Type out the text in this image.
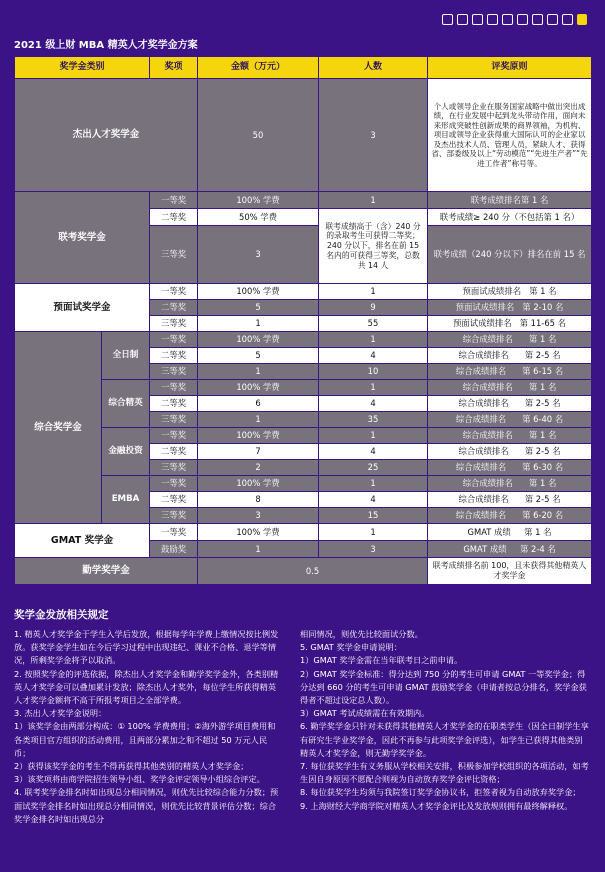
2021 级上财 MBA 精英人才奖学金方案
奖学金类别		奖项	金额（万元）	人数	评奖原则
杰出人才奖学金			50	3	个人或领导企业在服务国家战略中做出突出成绩，在行业发展中起到龙头带动作用，面向未来形成突破性创新成果的商界领袖，为机构、项目或领导企业获得重大国际认可的企业家以及杰出技术人员、管理人员，紧缺人才、获得省、部委级及以上“劳动模范”“先进生产者”“先进工作者”称号等。
联考奖学金		一等奖	100% 学费	1	联考成绩排名第 1 名
		二等奖	50% 学费	联考成绩高于（含）240 分的录取考生可获得二等奖；240 分以下，排名在前 15 名内的可获得三等奖，总数共 14 人	联考成绩≥ 240 分（不包括第 1 名）
		三等奖	3		联考成绩（240 分以下）排名在前 15 名
预面试奖学金		一等奖	100% 学费	1	预面试成绩排名 第 1 名
		二等奖	5	9	预面试成绩排名 第 2-10 名
		三等奖	1	55	预面试成绩排名 第 11-65 名
综合奖学金	全日制	一等奖	100% 学费	1	综合成绩排名 第 1 名
		二等奖	5	4	综合成绩排名 第 2-5 名
		三等奖	1	10	综合成绩排名 第 6-15 名
	综合精英	一等奖	100% 学费	1	综合成绩排名 第 1 名
		二等奖	6	4	综合成绩排名 第 2-5 名
		三等奖	1	35	综合成绩排名 第 6-40 名
	金融投资	一等奖	100% 学费	1	综合成绩排名 第 1 名
		二等奖	7	4	综合成绩排名 第 2-5 名
		三等奖	2	25	综合成绩排名 第 6-30 名
	EMBA	一等奖	100% 学费	1	综合成绩排名 第 1 名
		二等奖	8	4	综合成绩排名 第 2-5 名
		三等奖	3	15	综合成绩排名 第 6-20 名
GMAT 奖学金		一等奖	100% 学费	1	GMAT 成绩 第 1 名
		鼓励奖	1	3	GMAT 成绩 第 2-4 名
勤学奖学金			0.5		联考成绩排名前 100，且未获得其他精英人才奖学金
奖学金发放相关规定

1. 精英人才奖学金于学生入学后发放，根据每学年学费上缴情况按比例发放。获奖学金学生如在今后学习过程中出现违纪、课业不合格、退学等情况，所剩奖学金将予以取消。

2. 按照奖学金的评选依据，除杰出人才奖学金和勤学奖学金外，各类别精英人才奖学金可以叠加累计发放；除杰出人才奖外，每位学生所获得精英人才奖学金额将不高于所报考项目之全部学费。

3. 杰出人才奖学金说明：

1）该奖学金由两部分构成：① 100% 学费费用；②海外游学项目费用和各类项目官方组织的活动费用，且两部分累加之和不超过 50 万元人民币；

2）获得该奖学金的考生不得再获得其他类别的精英人才奖学金；

3）该奖项将由商学院招生领导小组、奖学金评定领导小组综合评定。

4. 联考奖学金排名时如出现总分相同情况，则优先比较综合能力分数；预面试奖学金排名时如出现总分相同情况，则优先比较背景评估分数；综合奖学金排名时如出现总分

相同情况，则优先比较面试分数。

5. GMAT 奖学金申请说明：

1）GMAT 奖学金需在当年联考日之前申请。

2）GMAT 奖学金标准：得分达到 750 分的考生可申请 GMAT 一等奖学金；得分达到 660 分的考生可申请 GMAT 鼓励奖学金（申请者按总分排名，奖学金获得者不超过设定总人数）。

3）GMAT 考试成绩需在有效期内。

6. 勤学奖学金只针对未获得其他精英人才奖学金的在职类学生（因全日制学生享有研究生学业奖学金，因此不再参与此项奖学金评选），如学生已获得其他类别精英人才奖学金，则无勤学奖学金。

7. 每位获奖学生有义务服从学校相关安排，积极参加学校组织的各项活动，如考生因自身原因不愿配合则视为自动放弃奖学金评比资格；

8. 每位获奖学生均须与我院签订奖学金协议书，拒签者视为自动放弃奖学金；

9. 上海财经大学商学院对精英人才奖学金评比及发放规则拥有最终解释权。
